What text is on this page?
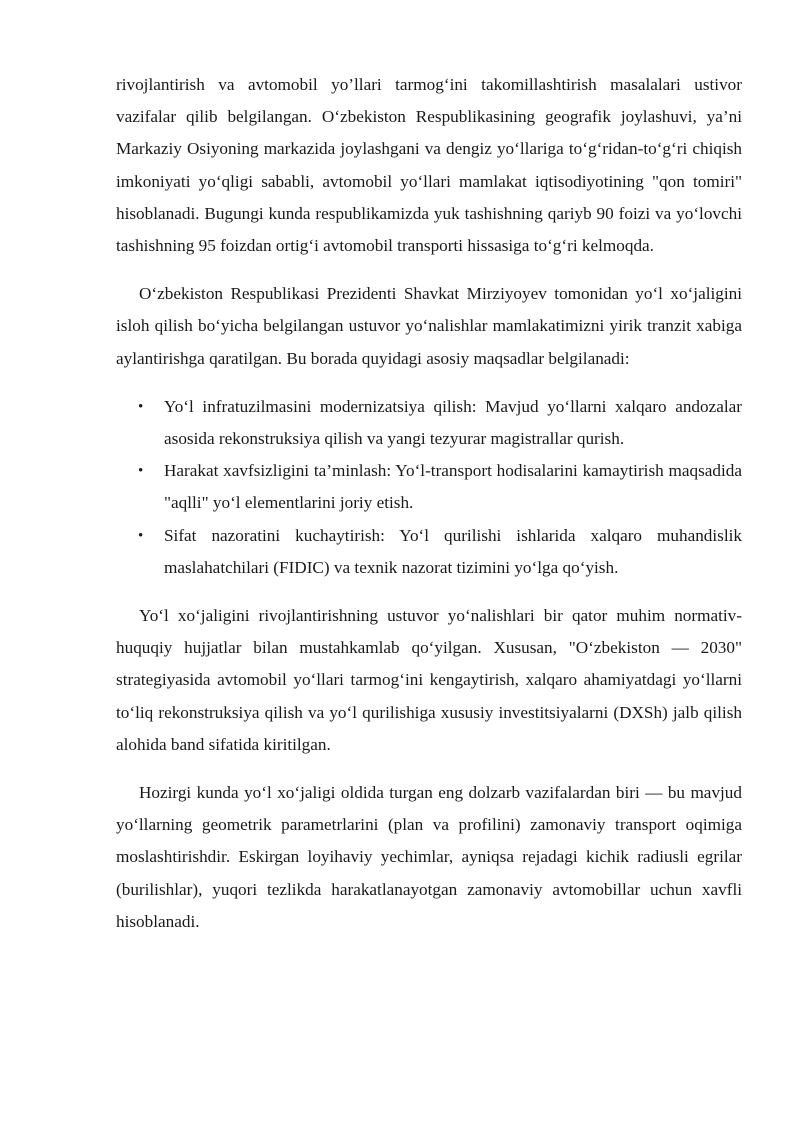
rivojlantirish va avtomobil yo’llari tarmog‘ini takomillashtirish masalalari ustivor vazifalar qilib belgilangan. O‘zbekiston Respublikasining geografik joylashuvi, ya’ni Markaziy Osiyoning markazida joylashgani va dengiz yo‘llariga to‘g‘ridan-to‘g‘ri chiqish imkoniyati yo‘qligi sababli, avtomobil yo‘llari mamlakat iqtisodiyotining "qon tomiri" hisoblanadi. Bugungi kunda respublikamizda yuk tashishning qariyb 90 foizi va yo‘lovchi tashishning 95 foizdan ortig‘i avtomobil transporti hissasiga to‘g‘ri kelmoqda.

O‘zbekiston Respublikasi Prezidenti Shavkat Mirziyoyev tomonidan yo‘l xo‘jaligini isloh qilish bo‘yicha belgilangan ustuvor yo‘nalishlar mamlakatimizni yirik tranzit xabiga aylantirishga qaratilgan. Bu borada quyidagi asosiy maqsadlar belgilanadi:

• Yo‘l infratuzilmasini modernizatsiya qilish: Mavjud yo‘llarni xalqaro andozalar asosida rekonstruksiya qilish va yangi tezyurar magistrallar qurish.
• Harakat xavfsizligini ta’minlash: Yo‘l-transport hodisalarini kamaytirish maqsadida "aqlli" yo‘l elementlarini joriy etish.
• Sifat nazoratini kuchaytirish: Yo‘l qurilishi ishlarida xalqaro muhandislik maslahatchilari (FIDIC) va texnik nazorat tizimini yo‘lga qo‘yish.

Yo‘l xo‘jaligini rivojlantirishning ustuvor yo‘nalishlari bir qator muhim normativ-huquqiy hujjatlar bilan mustahkamlab qo‘yilgan. Xususan, "O‘zbekiston — 2030" strategiyasida avtomobil yo‘llari tarmog‘ini kengaytirish, xalqaro ahamiyatdagi yo‘llarni to‘liq rekonstruksiya qilish va yo‘l qurilishiga xususiy investitsiyalarni (DXSh) jalb qilish alohida band sifatida kiritilgan.

Hozirgi kunda yo‘l xo‘jaligi oldida turgan eng dolzarb vazifalardan biri — bu mavjud yo‘llarning geometrik parametrlarini (plan va profilini) zamonaviy transport oqimiga moslashtirishdir. Eskirgan loyihaviy yechimlar, ayniqsa rejadagi kichik radiusli egrilar (burilishlar), yuqori tezlikda harakatlanayotgan zamonaviy avtomobillar uchun xavfli hisoblanadi.
